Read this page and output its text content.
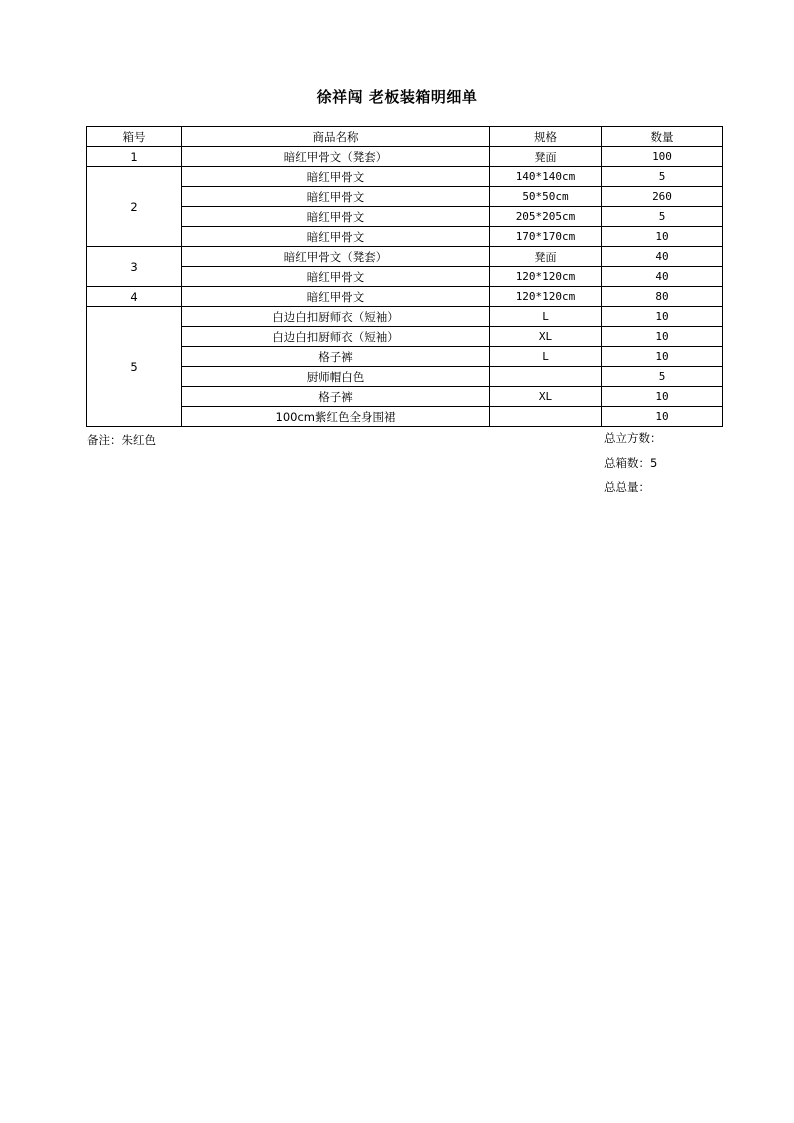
徐祥闯 老板装箱明细单
箱号	商品名称	规格	数量
1	暗红甲骨文（凳套）	凳面	100
2	暗红甲骨文	140*140cm	5
	暗红甲骨文	50*50cm	260
	暗红甲骨文	205*205cm	5
	暗红甲骨文	170*170cm	10
3	暗红甲骨文（凳套）	凳面	40
	暗红甲骨文	120*120cm	40
4	暗红甲骨文	120*120cm	80
5	白边白扣厨师衣（短袖）	L	10
	白边白扣厨师衣（短袖）	XL	10
	格子裤	L	10
	厨师帽白色		5
	格子裤	XL	10
	100cm紫红色全身围裙		10
备注：朱红色	总立方数：
总箱数：5
总总量：
